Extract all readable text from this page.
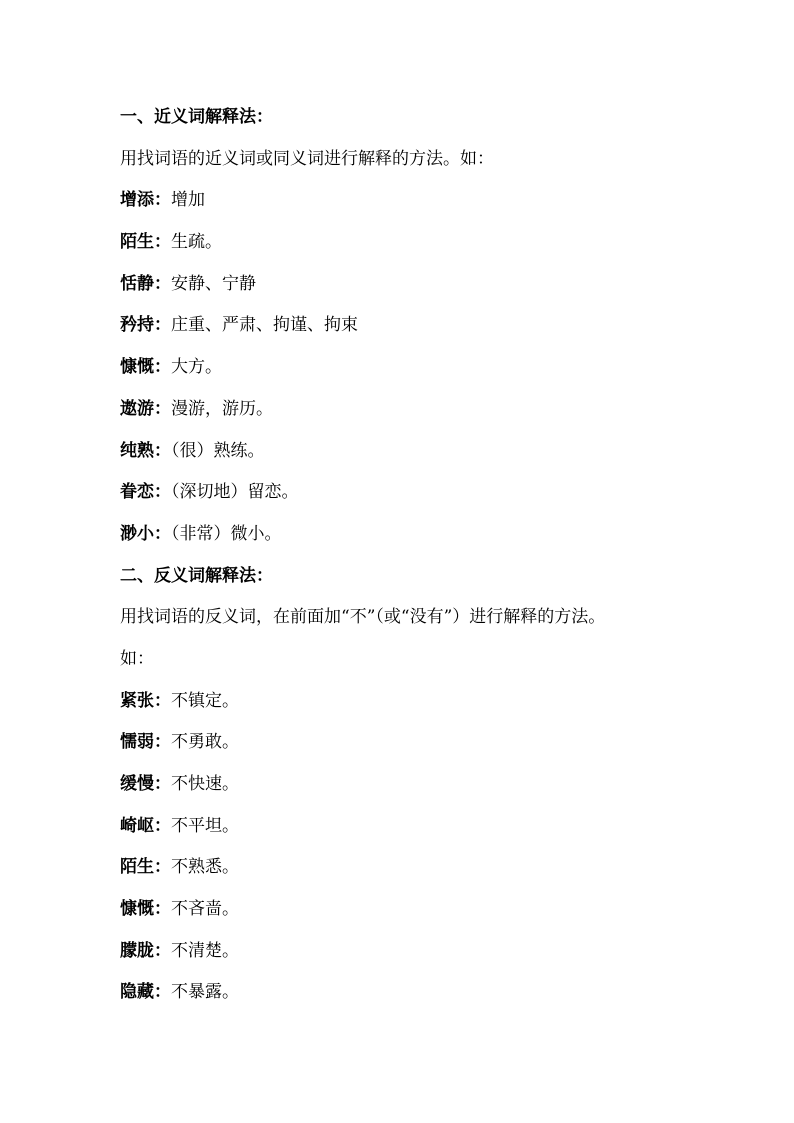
一、近义词解释法：
用找词语的近义词或同义词进行解释的方法。如：
增添：增加
陌生：生疏。
恬静：安静、宁静
矜持：庄重、严肃、拘谨、拘束
慷慨：大方。
遨游：漫游，游历。
纯熟：（很）熟练。
眷恋：（深切地）留恋。
渺小：（非常）微小。
二、反义词解释法：
用找词语的反义词，在前面加“不”（或“没有”）进行解释的方法。
如：
紧张：不镇定。
懦弱：不勇敢。
缓慢：不快速。
崎岖：不平坦。
陌生：不熟悉。
慷慨：不吝啬。
朦胧：不清楚。
隐藏：不暴露。
